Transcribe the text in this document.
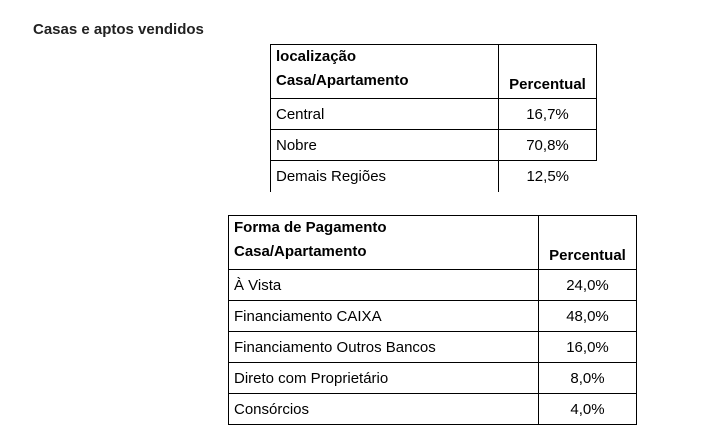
Casas e aptos vendidos
localização
Casa/Apartamento	Percentual
Central	16,7%
Nobre	70,8%
Demais Regiões	12,5%
Forma de Pagamento
Casa/Apartamento	Percentual
À Vista	24,0%
Financiamento CAIXA	48,0%
Financiamento Outros Bancos	16,0%
Direto com Proprietário	8,0%
Consórcios	4,0%
